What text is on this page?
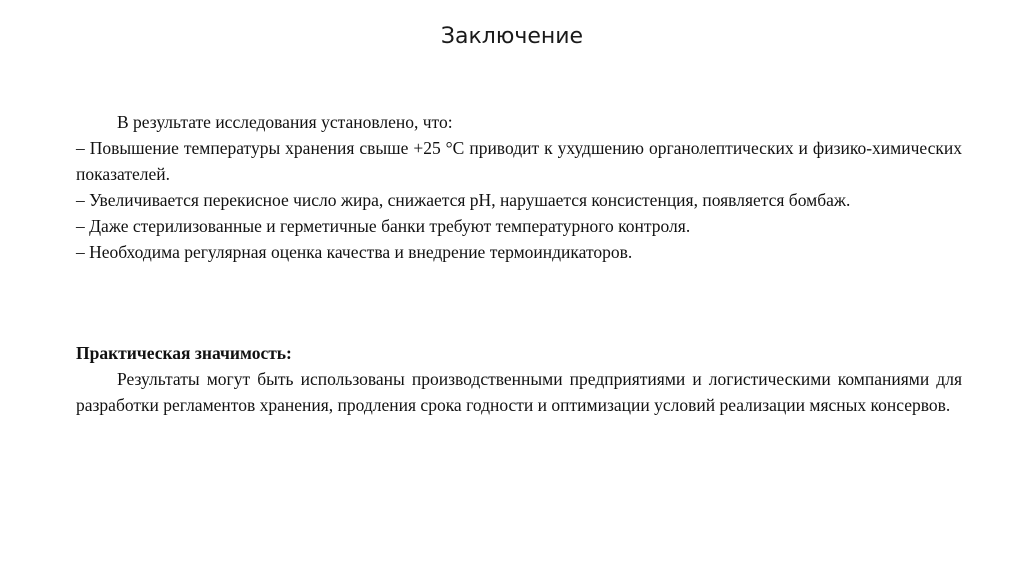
Заключение

В результате исследования установлено, что:

– Повышение температуры хранения свыше +25 °С приводит к ухудшению органолептических и физико-химических показателей.

– Увеличивается перекисное число жира, снижается рН, нарушается консистенция, появляется бомбаж.

– Даже стерилизованные и герметичные банки требуют температурного контроля.

– Необходима регулярная оценка качества и внедрение термоиндикаторов.

Практическая значимость:

Результаты могут быть использованы производственными предприятиями и логистическими компаниями для разработки регламентов хранения, продления срока годности и оптимизации условий реализации мясных консервов.
